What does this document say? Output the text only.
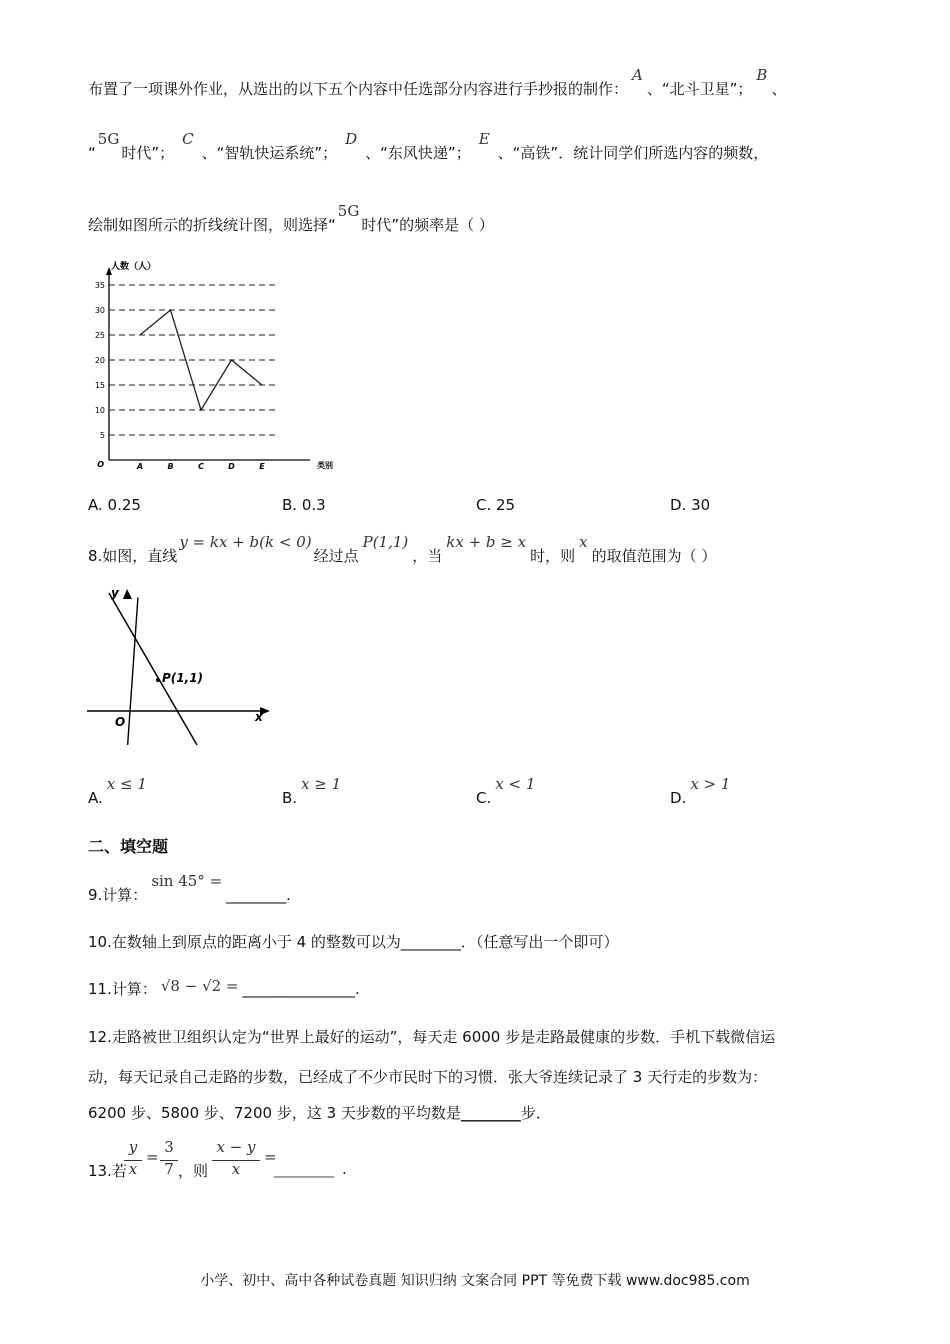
布置了一项课外作业，从选出的以下五个内容中任选部分内容进行手抄报的制作：A、“北斗卫星”；B、
“5G时代”；C、“智轨快运系统”；D、“东风快递”；E、“高铁”．统计同学们所选内容的频数，
绘制如图所示的折线统计图，则选择“5G时代”的频率是（ ）
人数（人）
O	类别
5
10
15
20
25
30
35
A	B	C	D	E
A. 0.25	B. 0.3	C. 25	D. 30
8.如图，直线y = kx + b(k < 0)经过点P(1,1)，当kx + b ≥ x时，则x的取值范围为（ ）
y
x
O
P(1,1)
A.x ≤ 1
B.x ≥ 1
C.x < 1
D.x > 1
二、填空题
9.计算：sin 45° =________.
10.在数轴上到原点的距离小于 4 的整数可以为________．（任意写出一个即可）
11.计算： √8 − √2 = _______________.
12.走路被世卫组织认定为“世界上最好的运动”，每天走 6000 步是走路最健康的步数．手机下载微信运
动，每天记录自己走路的步数，已经成了不少市民时下的习惯．张大爷连续记录了 3 天行走的步数为：
6200 步、5800 步、7200 步，这 3 天步数的平均数是________步．
13.若
y
x
=
3
7 ，则
x − y
x
=
________ .
小学、初中、高中各种试卷真题 知识归纳 文案合同 PPT 等免费下载 www.doc985.com
